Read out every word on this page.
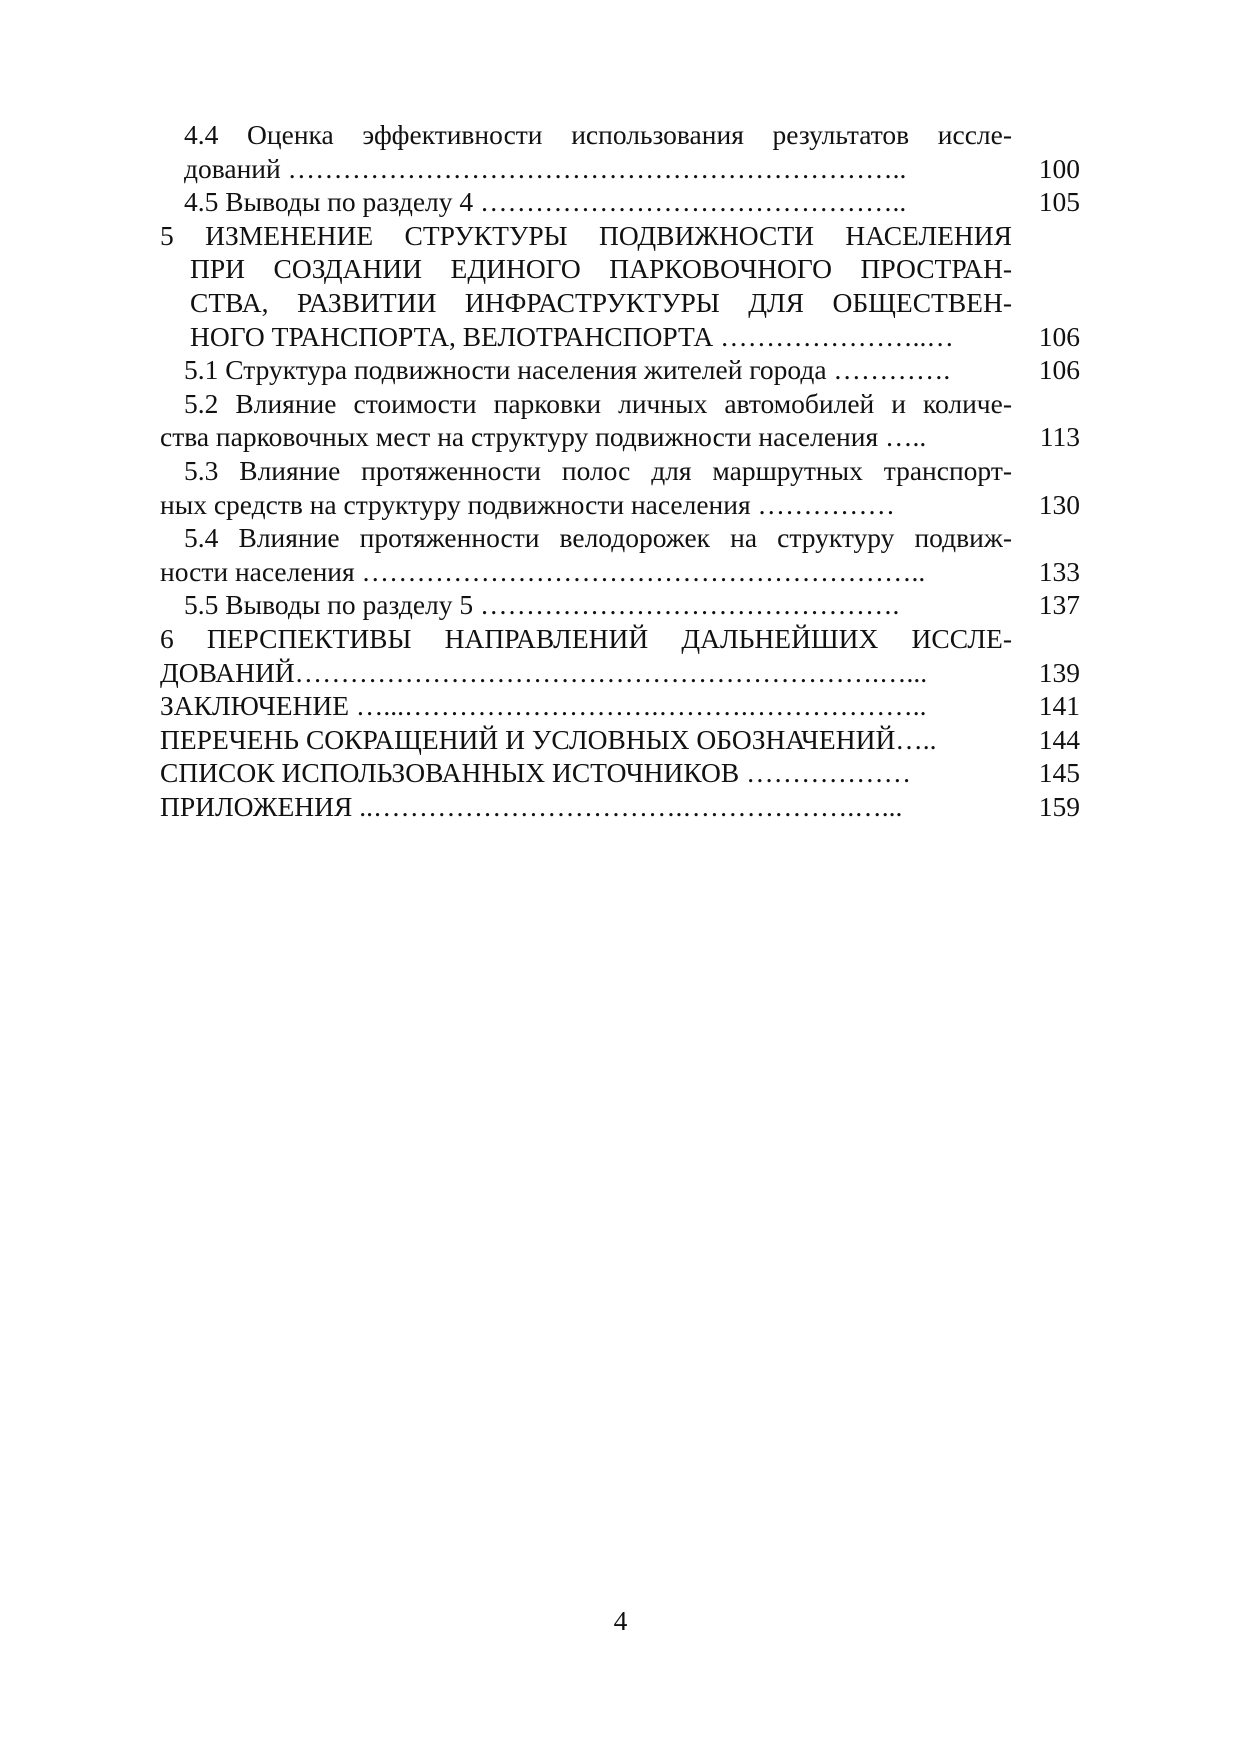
4.4 Оценка эффективности использования результатов иссле-
дований …………………………………………………………..	100
4.5 Выводы по разделу 4 ………………………………………..	105
5 ИЗМЕНЕНИЕ СТРУКТУРЫ ПОДВИЖНОСТИ НАСЕЛЕНИЯ
ПРИ СОЗДАНИИ ЕДИНОГО ПАРКОВОЧНОГО ПРОСТРАН-
СТВА, РАЗВИТИИ ИНФРАСТРУКТУРЫ ДЛЯ ОБЩЕСТВЕН-
НОГО ТРАНСПОРТА, ВЕЛОТРАНСПОРТА …………………..…	106
5.1 Структура подвижности населения жителей города ………….	106
5.2 Влияние стоимости парковки личных автомобилей и количе-
ства парковочных мест на структуру подвижности населения …..	113
5.3 Влияние протяженности полос для маршрутных транспорт-
ных средств на структуру подвижности населения ……………	130
5.4 Влияние протяженности велодорожек на структуру подвиж-
ности населения ……………………………………………………..	133
5.5 Выводы по разделу 5 ……………………………………….	137
6 ПЕРСПЕКТИВЫ НАПРАВЛЕНИЙ ДАЛЬНЕЙШИХ ИССЛЕ-
ДОВАНИЙ……………………………………………………….…...	139
ЗАКЛЮЧЕНИЕ …...……………………….……….………………..	141
ПЕРЕЧЕНЬ СОКРАЩЕНИЙ И УСЛОВНЫХ ОБОЗНАЧЕНИЙ…..	144
СПИСОК ИСПОЛЬЗОВАННЫХ ИСТОЧНИКОВ ………………	145
ПРИЛОЖЕНИЯ ..…………………………….……………….…...	159
4
